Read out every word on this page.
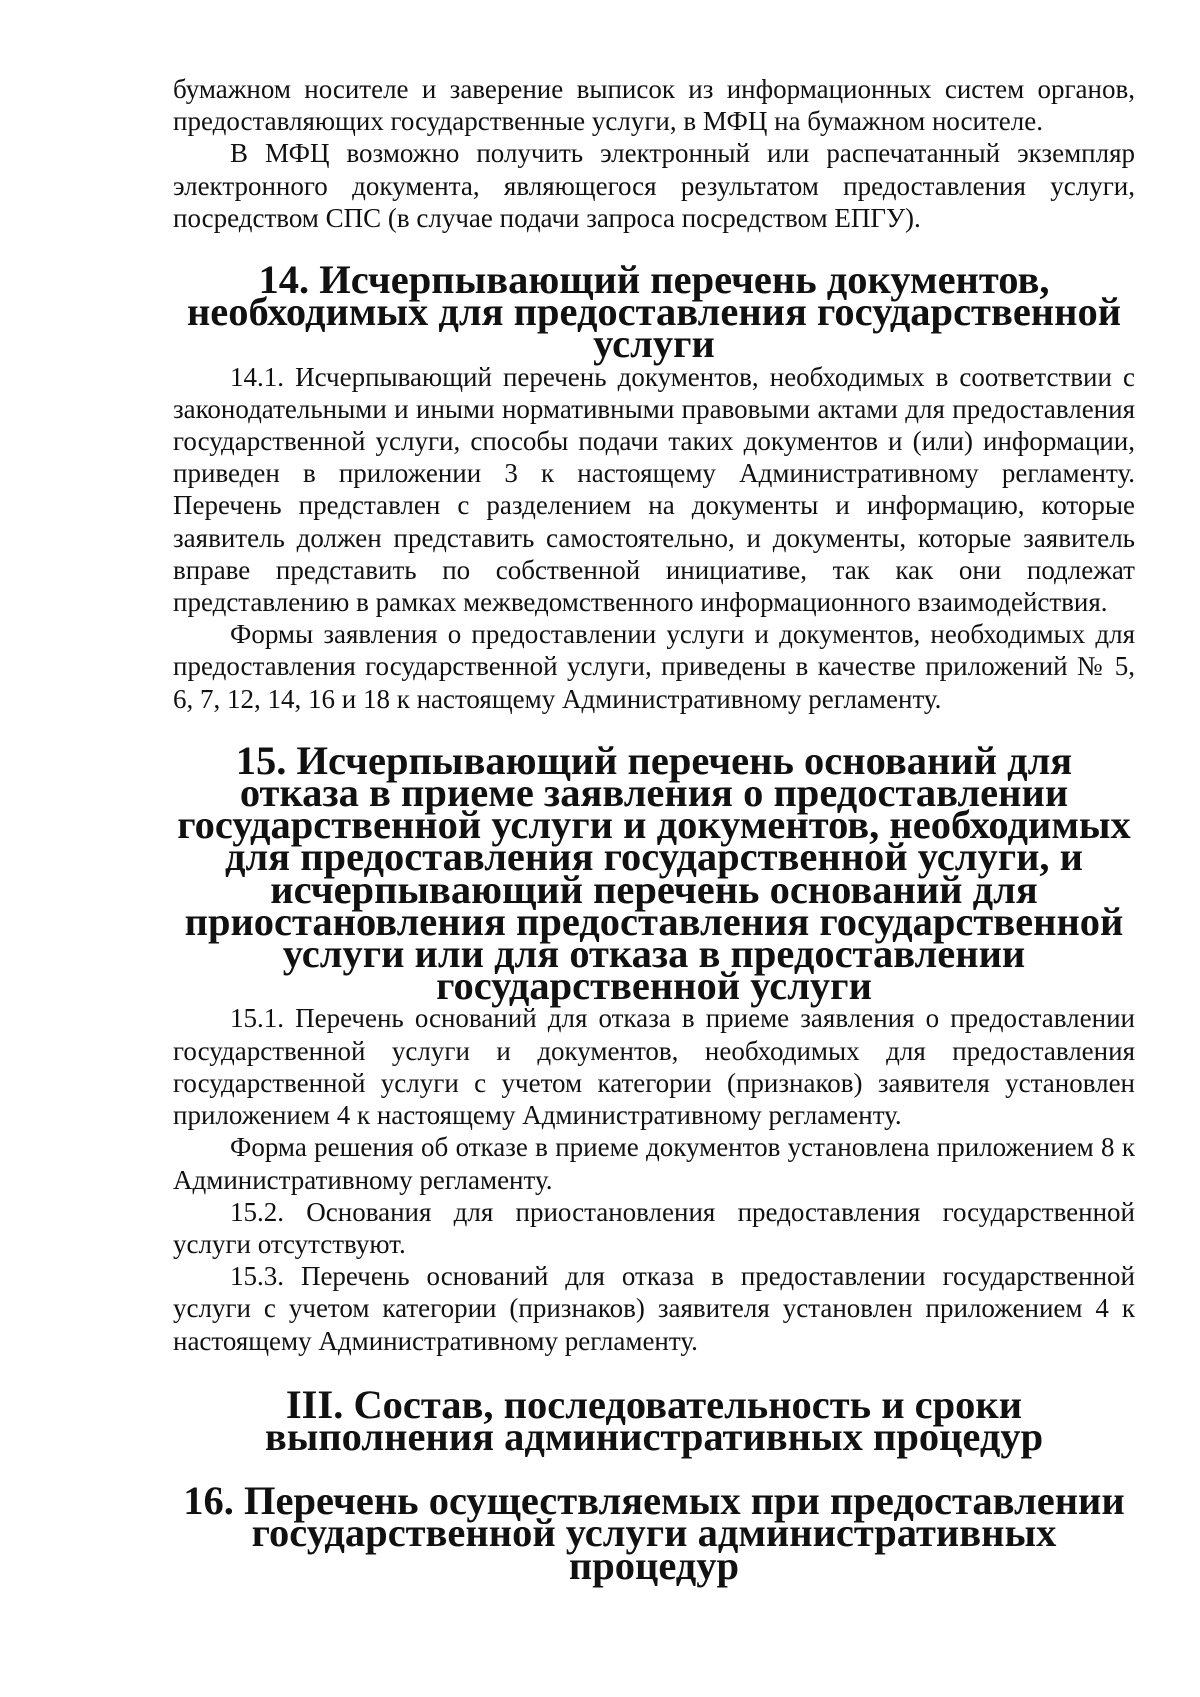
бумажном носителе и заверение выписок из информационных систем органов, предоставляющих государственные услуги, в МФЦ на бумажном носителе.

В МФЦ возможно получить электронный или распечатанный экземпляр электронного документа, являющегося результатом предоставления услуги, посредством СПС (в случае подачи запроса посредством ЕПГУ).

14. Исчерпывающий перечень документов, необходимых для предоставления государственной услуги

14.1. Исчерпывающий перечень документов, необходимых в соответствии с законодательными и иными нормативными правовыми актами для предоставления государственной услуги, способы подачи таких документов и (или) информации, приведен в приложении 3 к настоящему Административному регламенту. Перечень представлен с разделением на документы и информацию, которые заявитель должен представить самостоятельно, и документы, которые заявитель вправе представить по собственной инициативе, так как они подлежат представлению в рамках межведомственного информационного взаимодействия.

Формы заявления о предоставлении услуги и документов, необходимых для предоставления государственной услуги, приведены в качестве приложений № 5, 6, 7, 12, 14, 16 и 18 к настоящему Административному регламенту.

15. Исчерпывающий перечень оснований для отказа в приеме заявления о предоставлении государственной услуги и документов, необходимых для предоставления государственной услуги, и исчерпывающий перечень оснований для приостановления предоставления государственной услуги или для отказа в предоставлении государственной услуги

15.1. Перечень оснований для отказа в приеме заявления о предоставлении государственной услуги и документов, необходимых для предоставления государственной услуги с учетом категории (признаков) заявителя установлен приложением 4 к настоящему Административному регламенту.

Форма решения об отказе в приеме документов установлена приложением 8 к Административному регламенту.

15.2. Основания для приостановления предоставления государственной услуги отсутствуют.

15.3. Перечень оснований для отказа в предоставлении государственной услуги с учетом категории (признаков) заявителя установлен приложением 4 к настоящему Административному регламенту.

III. Состав, последовательность и сроки выполнения административных процедур
16. Перечень осуществляемых при предоставлении государственной услуги административных процедур
